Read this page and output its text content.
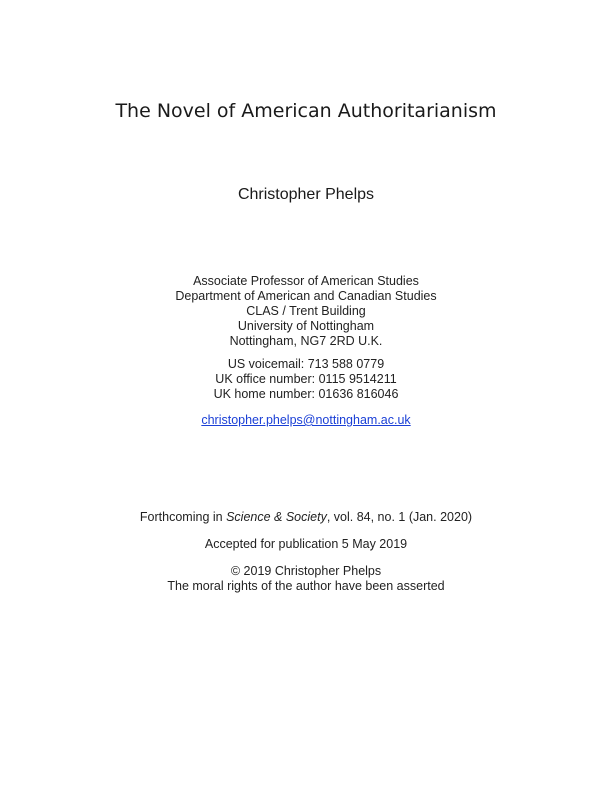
The Novel of American Authoritarianism
Christopher Phelps
Associate Professor of American Studies
Department of American and Canadian Studies
CLAS / Trent Building
University of Nottingham
Nottingham, NG7 2RD U.K.
US voicemail: 713 588 0779
UK office number: 0115 9514211
UK home number: 01636 816046
christopher.phelps@nottingham.ac.uk
Forthcoming in Science & Society, vol. 84, no. 1 (Jan. 2020)
Accepted for publication 5 May 2019
© 2019 Christopher Phelps
The moral rights of the author have been asserted
